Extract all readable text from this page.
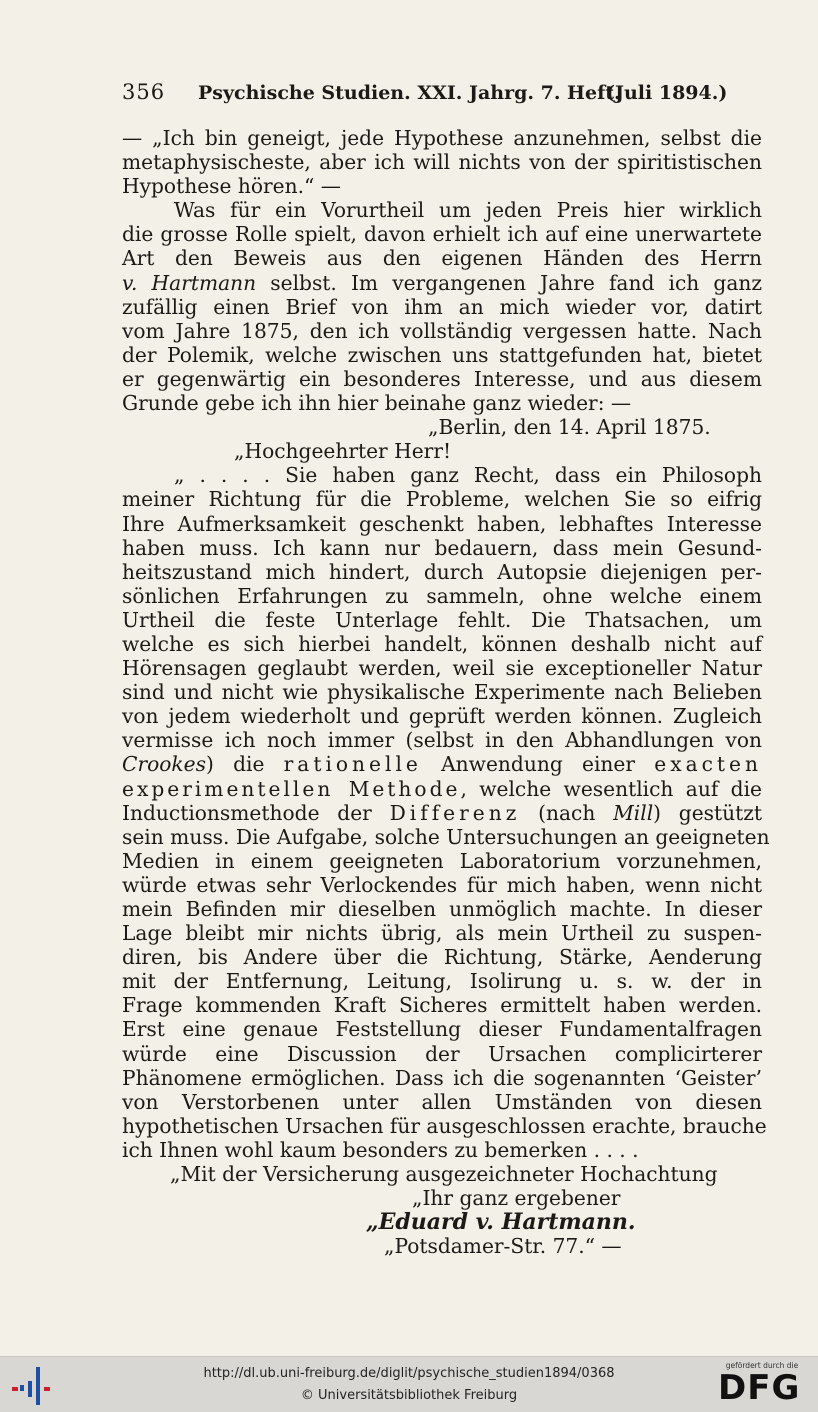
356 Psychische Studien. XXI. Jahrg. 7. Heft.
(Juli 1894.)
— „Ich bin geneigt, jede Hypothese anzunehmen, selbst die
metaphysischeste, aber ich will nichts von der spiritistischen
Hypothese hören.“ —
Was für ein Vorurtheil um jeden Preis hier wirklich
die grosse Rolle spielt, davon erhielt ich auf eine unerwartete
Art den Beweis aus den eigenen Händen des Herrn
v. Hartmann selbst. Im vergangenen Jahre fand ich ganz
zufällig einen Brief von ihm an mich wieder vor, datirt
vom Jahre 1875, den ich vollständig vergessen hatte. Nach
der Polemik, welche zwischen uns stattgefunden hat, bietet
er gegenwärtig ein besonderes Interesse, und aus diesem
Grunde gebe ich ihn hier beinahe ganz wieder: —
„Berlin, den 14. April 1875.
„Hochgeehrter Herr!
„ . . . . Sie haben ganz Recht, dass ein Philosoph
meiner Richtung für die Probleme, welchen Sie so eifrig
Ihre Aufmerksamkeit geschenkt haben, lebhaftes Interesse
haben muss. Ich kann nur bedauern, dass mein Gesund-
heitszustand mich hindert, durch Autopsie diejenigen per-
sönlichen Erfahrungen zu sammeln, ohne welche einem
Urtheil die feste Unterlage fehlt. Die Thatsachen, um
welche es sich hierbei handelt, können deshalb nicht auf
Hörensagen geglaubt werden, weil sie exceptioneller Natur
sind und nicht wie physikalische Experimente nach Belieben
von jedem wiederholt und geprüft werden können. Zugleich
vermisse ich noch immer (selbst in den Abhandlungen von
Crookes) die rationelle Anwendung einer exacten
experimentellen Methode, welche wesentlich auf die
Inductionsmethode der Differenz (nach Mill) gestützt
sein muss. Die Aufgabe, solche Untersuchungen an geeigneten
Medien in einem geeigneten Laboratorium vorzunehmen,
würde etwas sehr Verlockendes für mich haben, wenn nicht
mein Befinden mir dieselben unmöglich machte. In dieser
Lage bleibt mir nichts übrig, als mein Urtheil zu suspen-
diren, bis Andere über die Richtung, Stärke, Aenderung
mit der Entfernung, Leitung, Isolirung u. s. w. der in
Frage kommenden Kraft Sicheres ermittelt haben werden.
Erst eine genaue Feststellung dieser Fundamentalfragen
würde eine Discussion der Ursachen complicirterer
Phänomene ermöglichen. Dass ich die sogenannten ‘Geister’
von Verstorbenen unter allen Umständen von diesen
hypothetischen Ursachen für ausgeschlossen erachte, brauche
ich Ihnen wohl kaum besonders zu bemerken . . . .
„Mit der Versicherung ausgezeichneter Hochachtung
„Ihr ganz ergebener
„Eduard v. Hartmann.
„Potsdamer-Str. 77.“ —
http://dl.ub.uni-freiburg.de/diglit/psychische_studien1894/0368
© Universitätsbibliothek Freiburg
gefördert durch die
DFG
